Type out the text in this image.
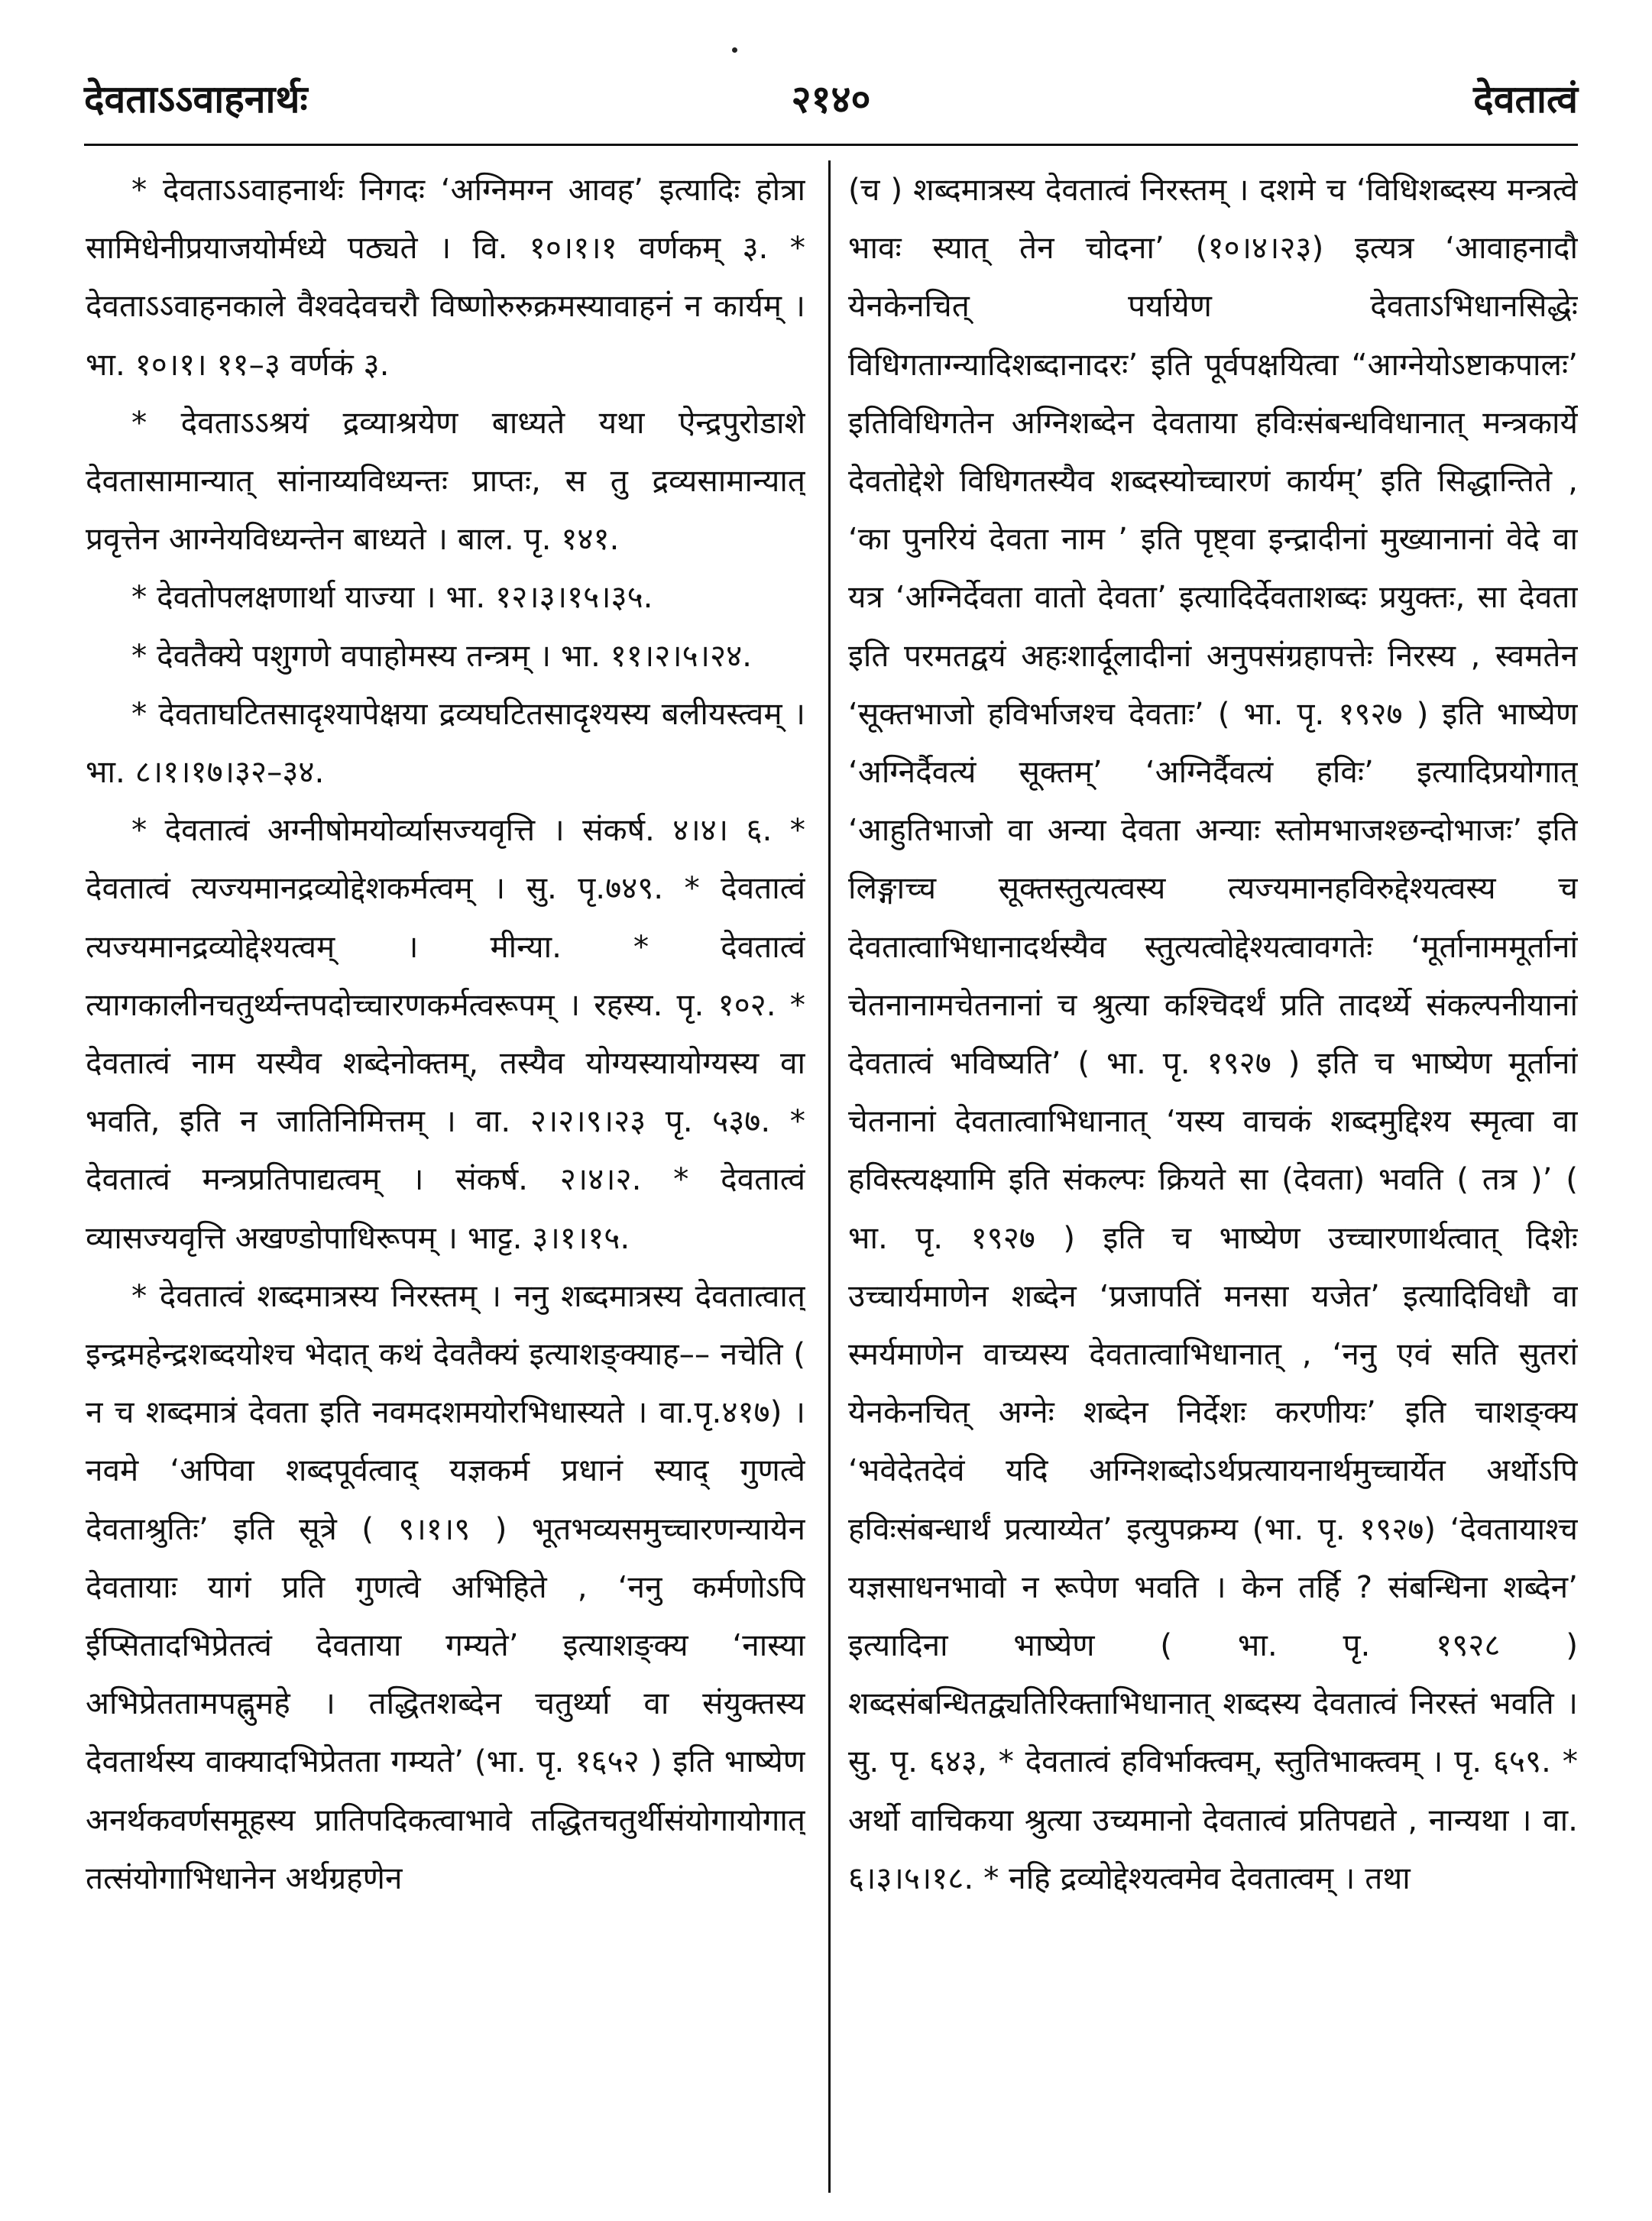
देवताऽऽवाहनार्थः	२१४०	देवतात्वं

* देवताऽऽवाहनार्थः निगदः ‘अग्निमग्न आवह’ इत्यादिः होत्रा सामिधेनीप्रयाजयोर्मध्ये पठ्यते । वि. १०।१।१ वर्णकम् ३. * देवताऽऽवाहनकाले वैश्वदेवचरौ विष्णोरुरुक्रमस्यावाहनं न कार्यम् । भा. १०।१। ११–३ वर्णकं ३.

* देवताऽऽश्रयं द्रव्याश्रयेण बाध्यते यथा ऐन्द्रपुरोडाशे देवतासामान्यात् सांनाय्यविध्यन्तः प्राप्तः, स तु द्रव्यसामान्यात् प्रवृत्तेन आग्नेयविध्यन्तेन बाध्यते । बाल. पृ. १४१.

* देवतोपलक्षणार्था याज्या । भा. १२।३।१५।३५.

* देवतैक्ये पशुगणे वपाहोमस्य तन्त्रम् । भा. ११।२।५।२४.

* देवताघटितसादृश्यापेक्षया द्रव्यघटितसादृश्यस्य बलीयस्त्वम् । भा. ८।१।१७।३२–३४.

* देवतात्वं अग्नीषोमयोर्व्यासज्यवृत्ति । संकर्ष. ४।४। ६. * देवतात्वं त्यज्यमानद्रव्योद्देशकर्मत्वम् । सु. पृ.७४९. * देवतात्वं त्यज्यमानद्रव्योद्देश्यत्वम् । मीन्या. * देवतात्वं त्यागकालीनचतुर्थ्यन्तपदोच्चारणकर्मत्वरूपम् । रहस्य. पृ. १०२. * देवतात्वं नाम यस्यैव शब्देनोक्तम्, तस्यैव योग्यस्यायोग्यस्य वा भवति, इति न जातिनिमित्तम् । वा. २।२।९।२३ पृ. ५३७. * देवतात्वं मन्त्रप्रतिपाद्यत्वम् । संकर्ष. २।४।२. * देवतात्वं व्यासज्यवृत्ति अखण्डोपाधिरूपम् । भाट्ट. ३।१।१५.

* देवतात्वं शब्दमात्रस्य निरस्तम् । ननु शब्दमात्रस्य देवतात्वात् इन्द्रमहेन्द्रशब्दयोश्च भेदात् कथं देवतैक्यं इत्याशङ्क्याह–– नचेति ( न च शब्दमात्रं देवता इति नवमदशमयोरभिधास्यते । वा.पृ.४१७) । नवमे ‘अपिवा शब्दपूर्वत्वाद् यज्ञकर्म प्रधानं स्याद् गुणत्वे देवताश्रुतिः’ इति सूत्रे ( ९।१।९ ) भूतभव्यसमुच्चारणन्यायेन देवतायाः यागं प्रति गुणत्वे अभिहिते , ‘ननु कर्मणोऽपि ईप्सितादभिप्रेतत्वं देवताया गम्यते’ इत्याशङ्क्य ‘नास्या अभिप्रेततामपह्नुमहे । तद्धितशब्देन चतुर्थ्या वा संयुक्तस्य देवतार्थस्य वाक्यादभिप्रेतता गम्यते’ (भा. पृ. १६५२ ) इति भाष्येण अनर्थकवर्णसमूहस्य प्रातिपदिकत्वाभावे तद्धितचतुर्थीसंयोगायोगात् तत्संयोगाभिधानेन अर्थग्रहणेन

(च ) शब्दमात्रस्य देवतात्वं निरस्तम् । दशमे च ‘विधिशब्दस्य मन्त्रत्वे भावः स्यात् तेन चोदना’ (१०।४।२३) इत्यत्र ‘आवाहनादौ येनकेनचित् पर्यायेण देवताऽभिधानसिद्धेः विधिगताग्न्यादिशब्दानादरः’ इति पूर्वपक्षयित्वा “आग्नेयोऽष्टाकपालः’ इतिविधिगतेन अग्निशब्देन देवताया हविःसंबन्धविधानात् मन्त्रकार्ये देवतोद्देशे विधिगतस्यैव शब्दस्योच्चारणं कार्यम्’ इति सिद्धान्तिते , ‘का पुनरियं देवता नाम ’ इति पृष्ट्वा इन्द्रादीनां मुख्यानानां वेदे वा यत्र ‘अग्निर्देवता वातो देवता’ इत्यादिर्देवताशब्दः प्रयुक्तः, सा देवता इति परमतद्वयं अहःशार्दूलादीनां अनुपसंग्रहापत्तेः निरस्य , स्वमतेन ‘सूक्तभाजो हविर्भाजश्च देवताः’ ( भा. पृ. १९२७ ) इति भाष्येण ‘अग्निर्दैवत्यं सूक्तम्’ ‘अग्निर्दैवत्यं हविः’ इत्यादिप्रयोगात् ‘आहुतिभाजो वा अन्या देवता अन्याः स्तोमभाजश्छन्दोभाजः’ इति लिङ्गाच्च सूक्तस्तुत्यत्वस्य त्यज्यमानहविरुद्देश्यत्वस्य च देवतात्वाभिधानादर्थस्यैव स्तुत्यत्वोद्देश्यत्वावगतेः ‘मूर्तानाममूर्तानां चेतनानामचेतनानां च श्रुत्या कश्चिदर्थं प्रति तादर्थ्ये संकल्पनीयानां देवतात्वं भविष्यति’ ( भा. पृ. १९२७ ) इति च भाष्येण मूर्तानां चेतनानां देवतात्वाभिधानात् ‘यस्य वाचकं शब्दमुद्दिश्य स्मृत्वा वा हविस्त्यक्ष्यामि इति संकल्पः क्रियते सा (देवता) भवति ( तत्र )’ ( भा. पृ. १९२७ ) इति च भाष्येण उच्चारणार्थत्वात् दिशेः उच्चार्यमाणेन शब्देन ‘प्रजापतिं मनसा यजेत’ इत्यादिविधौ वा स्मर्यमाणेन वाच्यस्य देवतात्वाभिधानात् , ‘ननु एवं सति सुतरां येनकेनचित् अग्नेः शब्देन निर्देशः करणीयः’ इति चाशङ्क्य ‘भवेदेतदेवं यदि अग्निशब्दोऽर्थप्रत्यायनार्थमुच्चार्येत अर्थोऽपि हविःसंबन्धार्थं प्रत्याय्येत’ इत्युपक्रम्य (भा. पृ. १९२७) ‘देवतायाश्च यज्ञसाधनभावो न रूपेण भवति । केन तर्हि ? संबन्धिना शब्देन’ इत्यादिना भाष्येण ( भा. पृ. १९२८ ) शब्दसंबन्धितद्व्यतिरिक्ताभिधानात् शब्दस्य देवतात्वं निरस्तं भवति । सु. पृ. ६४३, * देवतात्वं हविर्भाक्त्वम्, स्तुतिभाक्त्वम् । पृ. ६५९. * अर्थो वाचिकया श्रुत्या उच्यमानो देवतात्वं प्रतिपद्यते , नान्यथा । वा. ६।३।५।१८. * नहि द्रव्योद्देश्यत्वमेव देवतात्वम् । तथा
